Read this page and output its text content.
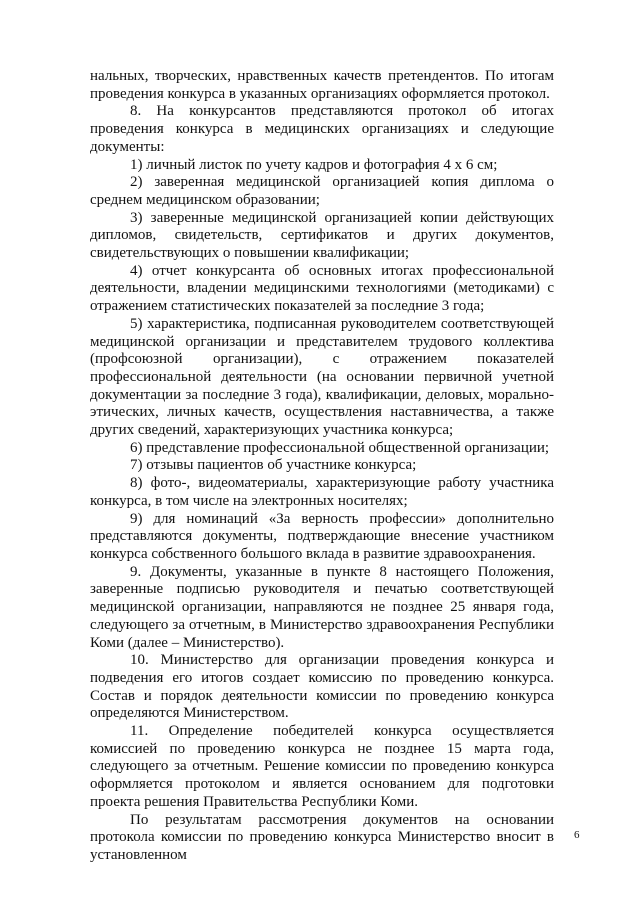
нальных, творческих, нравственных качеств претендентов. По итогам проведения конкурса в указанных организациях оформляется протокол.

8. На конкурсантов представляются протокол об итогах проведения конкурса в медицинских организациях и следующие документы:

1) личный листок по учету кадров и фотография 4 х 6 см;

2) заверенная медицинской организацией копия диплома о среднем медицинском образовании;

3) заверенные медицинской организацией копии действующих дипломов, свидетельств, сертификатов и других документов, свидетельствующих о повышении квалификации;

4) отчет конкурсанта об основных итогах профессиональной деятельности, владении медицинскими технологиями (методиками) с отражением статистических показателей за последние 3 года;

5) характеристика, подписанная руководителем соответствующей медицинской организации и представителем трудового коллектива (профсоюзной организации), с отражением показателей профессиональной деятельности (на основании первичной учетной документации за последние 3 года), квалификации, деловых, морально-этических, личных качеств, осуществления наставничества, а также других сведений, характеризующих участника конкурса;

6) представление профессиональной общественной организации;

7) отзывы пациентов об участнике конкурса;

8) фото-, видеоматериалы, характеризующие работу участника конкурса, в том числе на электронных носителях;

9) для номинаций «За верность профессии» дополнительно представляются документы, подтверждающие внесение участником конкурса собственного большого вклада в развитие здравоохранения.

9. Документы, указанные в пункте 8 настоящего Положения, заверенные подписью руководителя и печатью соответствующей медицинской организации, направляются не позднее 25 января года, следующего за отчетным, в Министерство здравоохранения Республики Коми (далее – Министерство).

10. Министерство для организации проведения конкурса и подведения его итогов создает комиссию по проведению конкурса. Состав и порядок деятельности комиссии по проведению конкурса определяются Министерством.

11. Определение победителей конкурса осуществляется комиссией по проведению конкурса не позднее 15 марта года, следующего за отчетным. Решение комиссии по проведению конкурса оформляется протоколом и является основанием для подготовки проекта решения Правительства Республики Коми.

По результатам рассмотрения документов на основании протокола комиссии по проведению конкурса Министерство вносит в установленном

6
